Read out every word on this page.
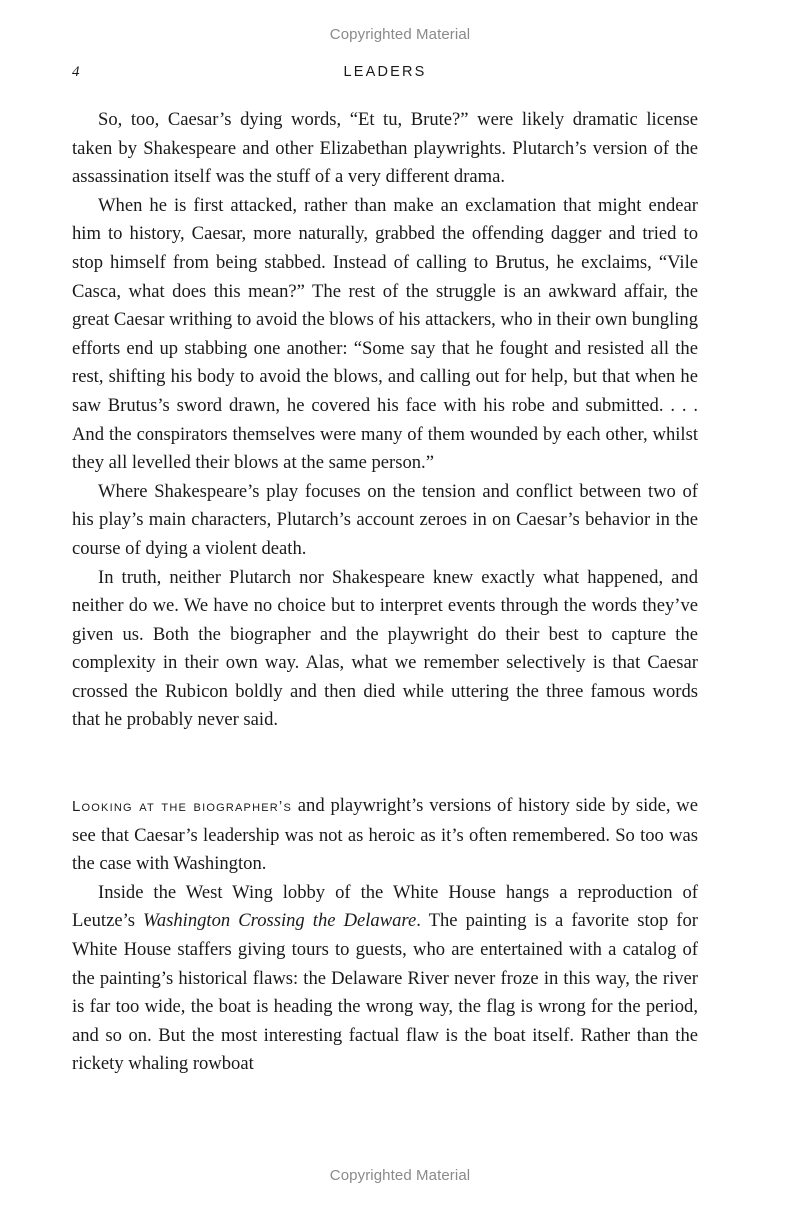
Copyrighted Material
4	LEADERS

So, too, Caesar’s dying words, “Et tu, Brute?” were likely dramatic license taken by Shakespeare and other Elizabethan playwrights. Plutarch’s version of the assassination itself was the stuff of a very different drama.

When he is first attacked, rather than make an exclamation that might endear him to history, Caesar, more naturally, grabbed the offending dagger and tried to stop himself from being stabbed. Instead of calling to Brutus, he exclaims, “Vile Casca, what does this mean?” The rest of the struggle is an awkward affair, the great Caesar writhing to avoid the blows of his attackers, who in their own bungling efforts end up stabbing one another: “Some say that he fought and resisted all the rest, shifting his body to avoid the blows, and calling out for help, but that when he saw Brutus’s sword drawn, he covered his face with his robe and submitted. . . . And the conspirators themselves were many of them wounded by each other, whilst they all levelled their blows at the same person.”

Where Shakespeare’s play focuses on the tension and conflict between two of his play’s main characters, Plutarch’s account zeroes in on Caesar’s behavior in the course of dying a violent death.

In truth, neither Plutarch nor Shakespeare knew exactly what happened, and neither do we. We have no choice but to interpret events through the words they’ve given us. Both the biographer and the playwright do their best to capture the complexity in their own way. Alas, what we remember selectively is that Caesar crossed the Rubicon boldly and then died while uttering the three famous words that he probably never said.

Looking at the biographer’s and playwright’s versions of history side by side, we see that Caesar’s leadership was not as heroic as it’s often remembered. So too was the case with Washington.

Inside the West Wing lobby of the White House hangs a reproduction of Leutze’s Washington Crossing the Delaware. The painting is a favorite stop for White House staffers giving tours to guests, who are entertained with a catalog of the painting’s historical flaws: the Delaware River never froze in this way, the river is far too wide, the boat is heading the wrong way, the flag is wrong for the period, and so on. But the most interesting factual flaw is the boat itself. Rather than the rickety whaling rowboat

Copyrighted Material
